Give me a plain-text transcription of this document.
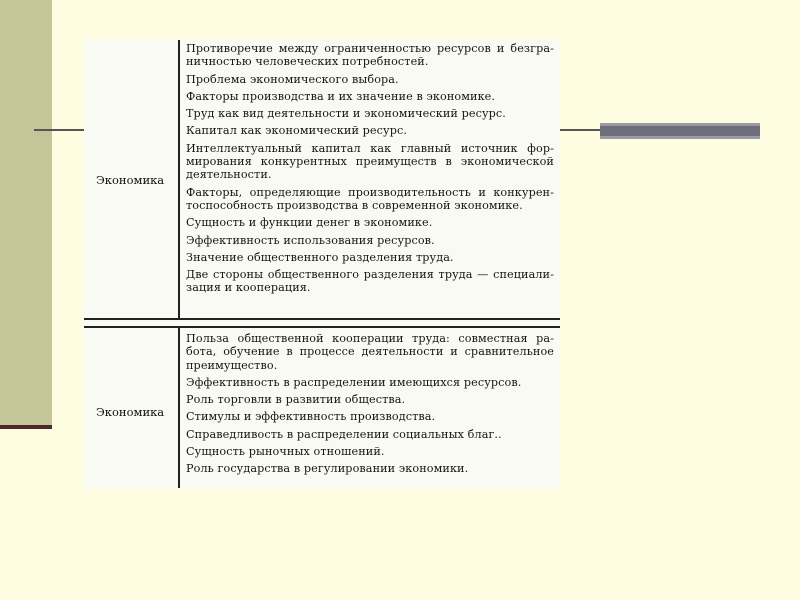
Экономика

Противоречие между ограниченностью ресурсов и безгра-ничностью человеческих потребностей.

Проблема экономического выбора.

Факторы производства и их значение в экономике.

Труд как вид деятельности и экономический ресурс.

Капитал как экономический ресурс.

Интеллектуальный капитал как главный источник фор-мирования конкурентных преимуществ в экономической деятельности.

Факторы, определяющие производительность и конкурен-тоспособность производства в современной экономике.

Сущность и функции денег в экономике.

Эффективность использования ресурсов.

Значение общественного разделения труда.

Две стороны общественного разделения труда — специали-зация и кооперация.

Экономика

Польза общественной кооперации труда: совместная ра-бота, обучение в процессе деятельности и сравнительное преимущество.

Эффективность в распределении имеющихся ресурсов.

Роль торговли в развитии общества.

Стимулы и эффективность производства.

Справедливость в распределении социальных благ..

Сущность рыночных отношений.

Роль государства в регулировании экономики.
